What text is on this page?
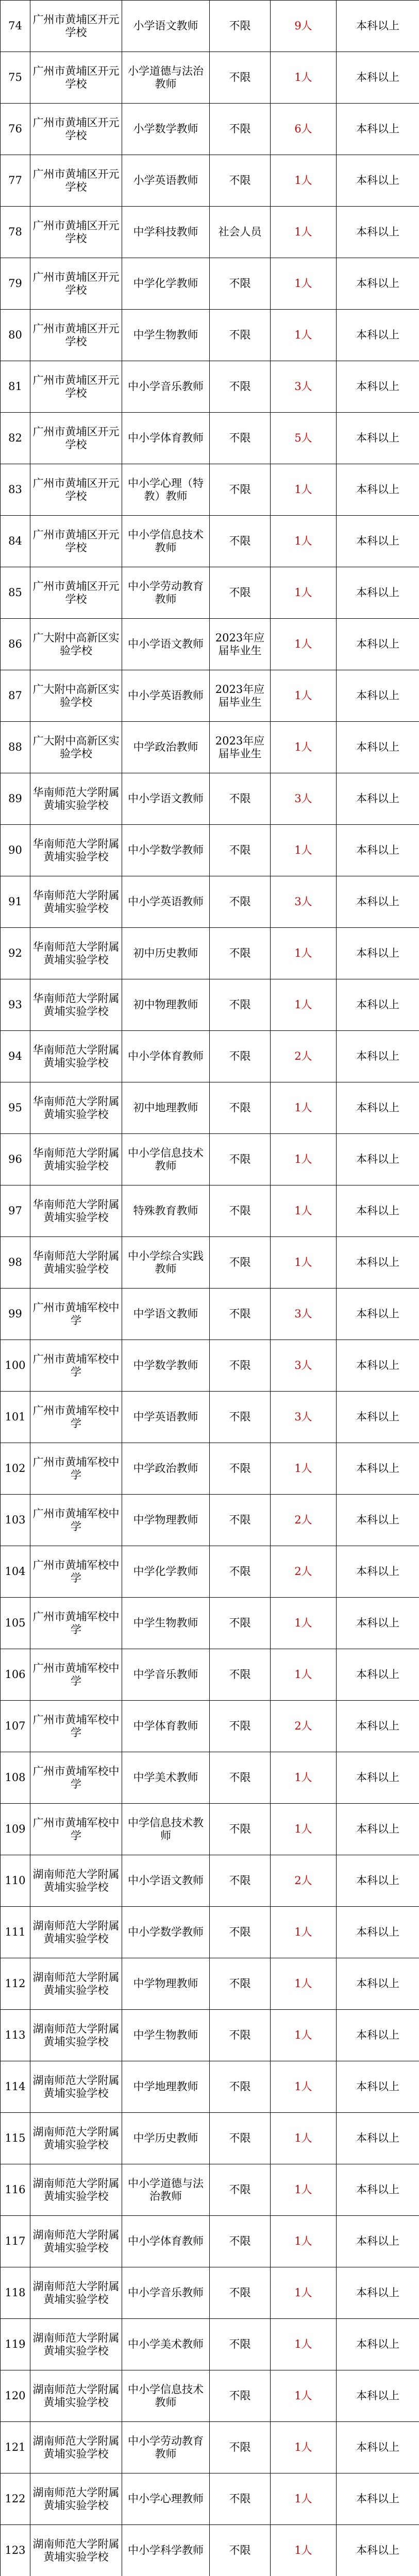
74	广州市黄埔区开元学校	小学语文教师	不限	9人	本科以上
75	广州市黄埔区开元学校	小学道德与法治教师	不限	1人	本科以上
76	广州市黄埔区开元学校	小学数学教师	不限	6人	本科以上
77	广州市黄埔区开元学校	小学英语教师	不限	1人	本科以上
78	广州市黄埔区开元学校	中学科技教师	社会人员	1人	本科以上
79	广州市黄埔区开元学校	中学化学教师	不限	1人	本科以上
80	广州市黄埔区开元学校	中学生物教师	不限	1人	本科以上
81	广州市黄埔区开元学校	中小学音乐教师	不限	3人	本科以上
82	广州市黄埔区开元学校	中小学体育教师	不限	5人	本科以上
83	广州市黄埔区开元学校	中小学心理（特教）教师	不限	1人	本科以上
84	广州市黄埔区开元学校	中小学信息技术教师	不限	1人	本科以上
85	广州市黄埔区开元学校	中小学劳动教育教师	不限	1人	本科以上
86	广大附中高新区实验学校	中小学语文教师	2023年应届毕业生	1人	本科以上
87	广大附中高新区实验学校	中小学英语教师	2023年应届毕业生	1人	本科以上
88	广大附中高新区实验学校	中学政治教师	2023年应届毕业生	1人	本科以上
89	华南师范大学附属黄埔实验学校	中小学语文教师	不限	3人	本科以上
90	华南师范大学附属黄埔实验学校	中小学数学教师	不限	1人	本科以上
91	华南师范大学附属黄埔实验学校	中小学英语教师	不限	3人	本科以上
92	华南师范大学附属黄埔实验学校	初中历史教师	不限	1人	本科以上
93	华南师范大学附属黄埔实验学校	初中物理教师	不限	1人	本科以上
94	华南师范大学附属黄埔实验学校	中小学体育教师	不限	2人	本科以上
95	华南师范大学附属黄埔实验学校	初中地理教师	不限	1人	本科以上
96	华南师范大学附属黄埔实验学校	中小学信息技术教师	不限	1人	本科以上
97	华南师范大学附属黄埔实验学校	特殊教育教师	不限	1人	本科以上
98	华南师范大学附属黄埔实验学校	中小学综合实践教师	不限	1人	本科以上
99	广州市黄埔军校中学	中学语文教师	不限	3人	本科以上
100	广州市黄埔军校中学	中学数学教师	不限	3人	本科以上
101	广州市黄埔军校中学	中学英语教师	不限	3人	本科以上
102	广州市黄埔军校中学	中学政治教师	不限	1人	本科以上
103	广州市黄埔军校中学	中学物理教师	不限	2人	本科以上
104	广州市黄埔军校中学	中学化学教师	不限	2人	本科以上
105	广州市黄埔军校中学	中学生物教师	不限	1人	本科以上
106	广州市黄埔军校中学	中学音乐教师	不限	1人	本科以上
107	广州市黄埔军校中学	中学体育教师	不限	2人	本科以上
108	广州市黄埔军校中学	中学美术教师	不限	1人	本科以上
109	广州市黄埔军校中学	中学信息技术教师	不限	1人	本科以上
110	湖南师范大学附属黄埔实验学校	中小学语文教师	不限	2人	本科以上
111	湖南师范大学附属黄埔实验学校	中小学数学教师	不限	1人	本科以上
112	湖南师范大学附属黄埔实验学校	中学物理教师	不限	1人	本科以上
113	湖南师范大学附属黄埔实验学校	中学生物教师	不限	1人	本科以上
114	湖南师范大学附属黄埔实验学校	中学地理教师	不限	1人	本科以上
115	湖南师范大学附属黄埔实验学校	中学历史教师	不限	1人	本科以上
116	湖南师范大学附属黄埔实验学校	中小学道德与法治教师	不限	1人	本科以上
117	湖南师范大学附属黄埔实验学校	中小学体育教师	不限	1人	本科以上
118	湖南师范大学附属黄埔实验学校	中小学音乐教师	不限	1人	本科以上
119	湖南师范大学附属黄埔实验学校	中小学美术教师	不限	1人	本科以上
120	湖南师范大学附属黄埔实验学校	中小学信息技术教师	不限	1人	本科以上
121	湖南师范大学附属黄埔实验学校	中小学劳动教育教师	不限	1人	本科以上
122	湖南师范大学附属黄埔实验学校	中小学心理教师	不限	1人	本科以上
123	湖南师范大学附属黄埔实验学校	中小学科学教师	不限	1人	本科以上
